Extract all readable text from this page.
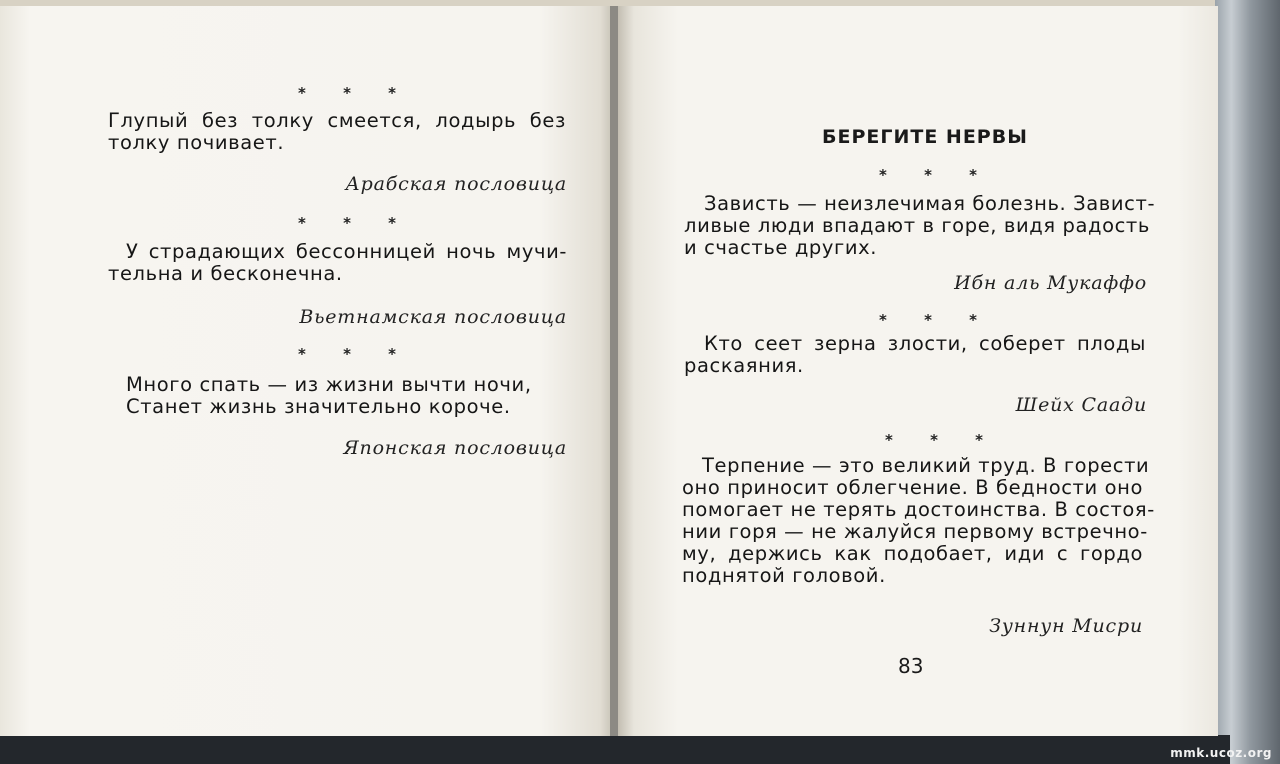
* * *
Глупый без толку смеется, лодырь без
толку почивает.
Арабская пословица
* * *
У страдающих бессонницей ночь мучи-
тельна и бесконечна.
Вьетнамская пословица
* * *
Много спать — из жизни вычти ночи,
Станет жизнь значительно короче.
Японская пословица
БЕРЕГИТЕ НЕРВЫ
* * *
Зависть — неизлечимая болезнь. Завист-
ливые люди впадают в горе, видя радость
и счастье других.
Ибн аль Мукаффо
* * *
Кто сеет зерна злости, соберет плоды
раскаяния.
Шейх Саади
* * *
Терпение — это великий труд. В горести
оно приносит облегчение. В бедности оно
помогает не терять достоинства. В состоя-
нии горя — не жалуйся первому встречно-
му, держись как подобает, иди с гордо
поднятой головой.
Зуннун Мисри
83
mmk.ucoz.org
